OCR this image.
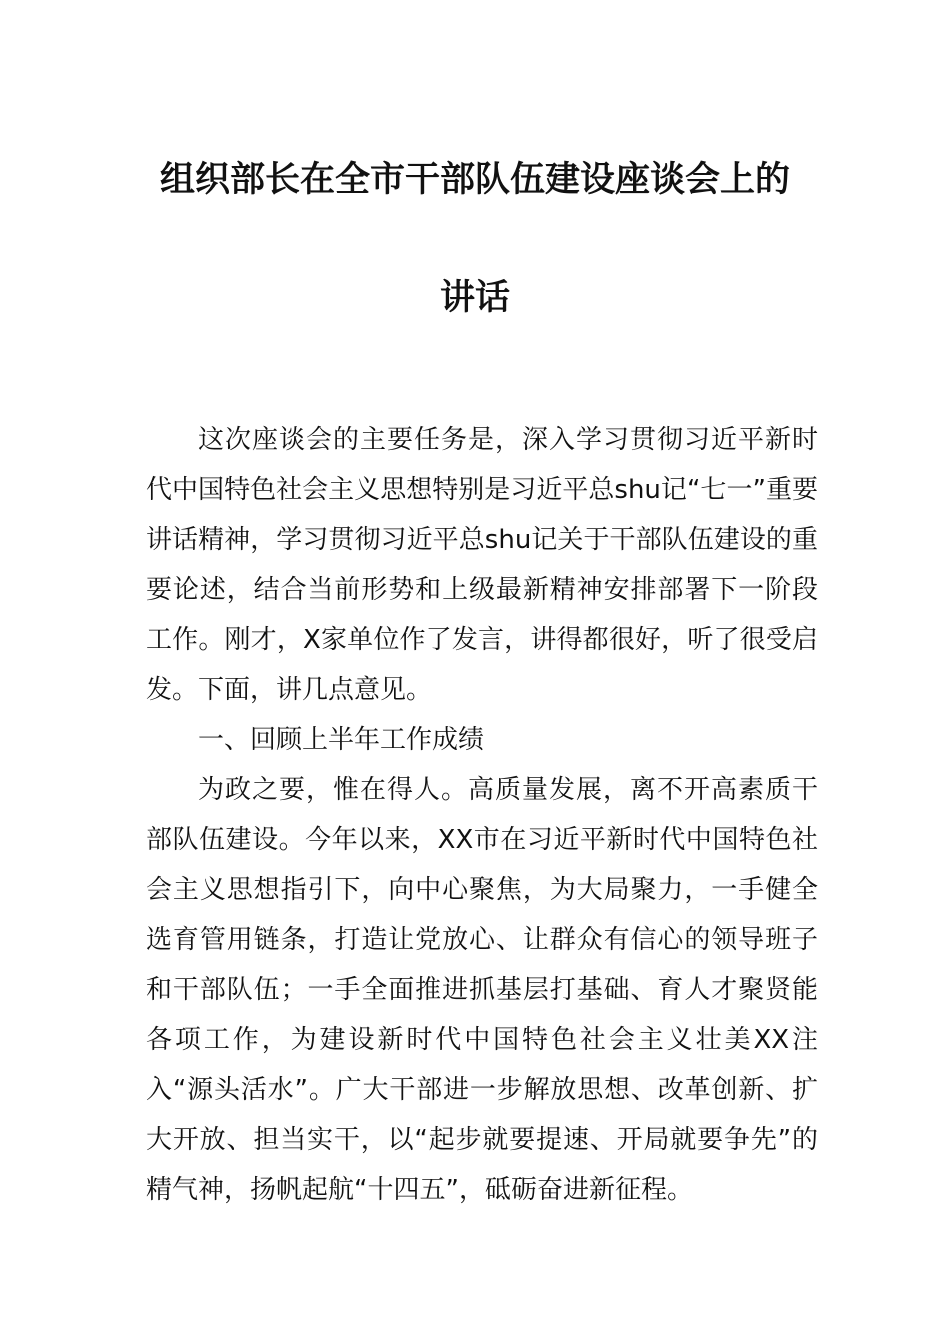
组织部长在全市干部队伍建设座谈会上的
讲话

这次座谈会的主要任务是，深入学习贯彻习近平新时代中国特色社会主义思想特别是习近平总shu记“七一”重要讲话精神，学习贯彻习近平总shu记关于干部队伍建设的重要论述，结合当前形势和上级最新精神安排部署下一阶段工作。刚才，X家单位作了发言，讲得都很好，听了很受启发。下面，讲几点意见。

一、回顾上半年工作成绩

为政之要，惟在得人。高质量发展，离不开高素质干部队伍建设。今年以来，XX市在习近平新时代中国特色社会主义思想指引下，向中心聚焦，为大局聚力，一手健全选育管用链条，打造让党放心、让群众有信心的领导班子和干部队伍；一手全面推进抓基层打基础、育人才聚贤能各项工作，为建设新时代中国特色社会主义壮美XX注入“源头活水”。广大干部进一步解放思想、改革创新、扩大开放、担当实干，以“起步就要提速、开局就要争先”的精气神，扬帆起航“十四五”，砥砺奋进新征程。
